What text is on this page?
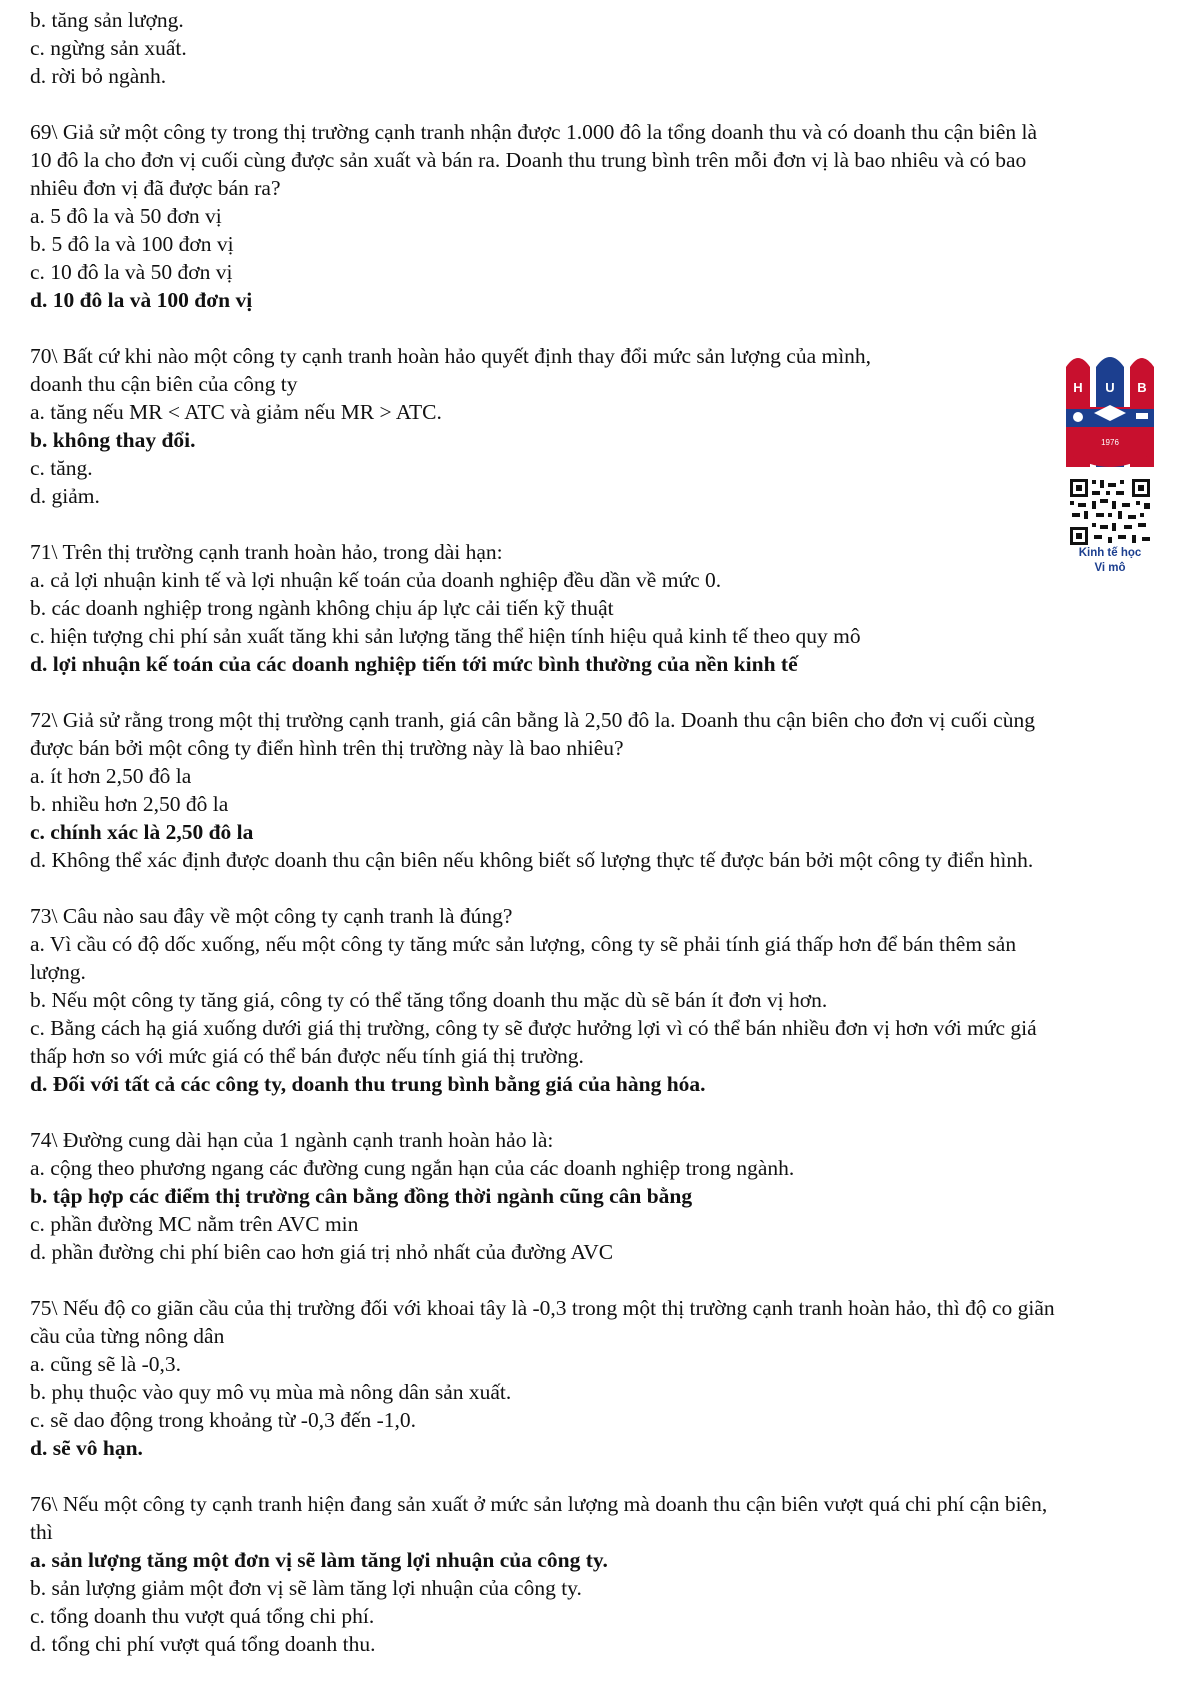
b. tăng sản lượng.
c. ngừng sản xuất.
d. rời bỏ ngành.
69\ Giả sử một công ty trong thị trường cạnh tranh nhận được 1.000 đô la tổng doanh thu và có doanh thu cận biên là
10 đô la cho đơn vị cuối cùng được sản xuất và bán ra. Doanh thu trung bình trên mỗi đơn vị là bao nhiêu và có bao
nhiêu đơn vị đã được bán ra?
a. 5 đô la và 50 đơn vị
b. 5 đô la và 100 đơn vị
c. 10 đô la và 50 đơn vị
d. 10 đô la và 100 đơn vị
70\ Bất cứ khi nào một công ty cạnh tranh hoàn hảo quyết định thay đổi mức sản lượng của mình,
doanh thu cận biên của công ty
a. tăng nếu MR < ATC và giảm nếu MR > ATC.
b. không thay đổi.
c. tăng.
d. giảm.
71\ Trên thị trường cạnh tranh hoàn hảo, trong dài hạn:
a. cả lợi nhuận kinh tế và lợi nhuận kế toán của doanh nghiệp đều dần về mức 0.
b. các doanh nghiệp trong ngành không chịu áp lực cải tiến kỹ thuật
c. hiện tượng chi phí sản xuất tăng khi sản lượng tăng thể hiện tính hiệu quả kinh tế theo quy mô
d. lợi nhuận kế toán của các doanh nghiệp tiến tới mức bình thường của nền kinh tế
72\ Giả sử rằng trong một thị trường cạnh tranh, giá cân bằng là 2,50 đô la. Doanh thu cận biên cho đơn vị cuối cùng
được bán bởi một công ty điển hình trên thị trường này là bao nhiêu?
a. ít hơn 2,50 đô la
b. nhiều hơn 2,50 đô la
c. chính xác là 2,50 đô la
d. Không thể xác định được doanh thu cận biên nếu không biết số lượng thực tế được bán bởi một công ty điển hình.
73\ Câu nào sau đây về một công ty cạnh tranh là đúng?
a. Vì cầu có độ dốc xuống, nếu một công ty tăng mức sản lượng, công ty sẽ phải tính giá thấp hơn để bán thêm sản
lượng.
b. Nếu một công ty tăng giá, công ty có thể tăng tổng doanh thu mặc dù sẽ bán ít đơn vị hơn.
c. Bằng cách hạ giá xuống dưới giá thị trường, công ty sẽ được hưởng lợi vì có thể bán nhiều đơn vị hơn với mức giá
thấp hơn so với mức giá có thể bán được nếu tính giá thị trường.
d. Đối với tất cả các công ty, doanh thu trung bình bằng giá của hàng hóa.
74\ Đường cung dài hạn của 1 ngành cạnh tranh hoàn hảo là:
a. cộng theo phương ngang các đường cung ngắn hạn của các doanh nghiệp trong ngành.
b. tập hợp các điểm thị trường cân bằng đồng thời ngành cũng cân bằng
c. phần đường MC nằm trên AVC min
d. phần đường chi phí biên cao hơn giá trị nhỏ nhất của đường AVC
75\ Nếu độ co giãn cầu của thị trường đối với khoai tây là -0,3 trong một thị trường cạnh tranh hoàn hảo, thì độ co giãn
cầu của từng nông dân
a. cũng sẽ là -0,3.
b. phụ thuộc vào quy mô vụ mùa mà nông dân sản xuất.
c. sẽ dao động trong khoảng từ -0,3 đến -1,0.
d. sẽ vô hạn.
76\ Nếu một công ty cạnh tranh hiện đang sản xuất ở mức sản lượng mà doanh thu cận biên vượt quá chi phí cận biên,
thì
a. sản lượng tăng một đơn vị sẽ làm tăng lợi nhuận của công ty.
b. sản lượng giảm một đơn vị sẽ làm tăng lợi nhuận của công ty.
c. tổng doanh thu vượt quá tổng chi phí.
d. tổng chi phí vượt quá tổng doanh thu.
H U B
1976
Kinh tế học
Vi mô
